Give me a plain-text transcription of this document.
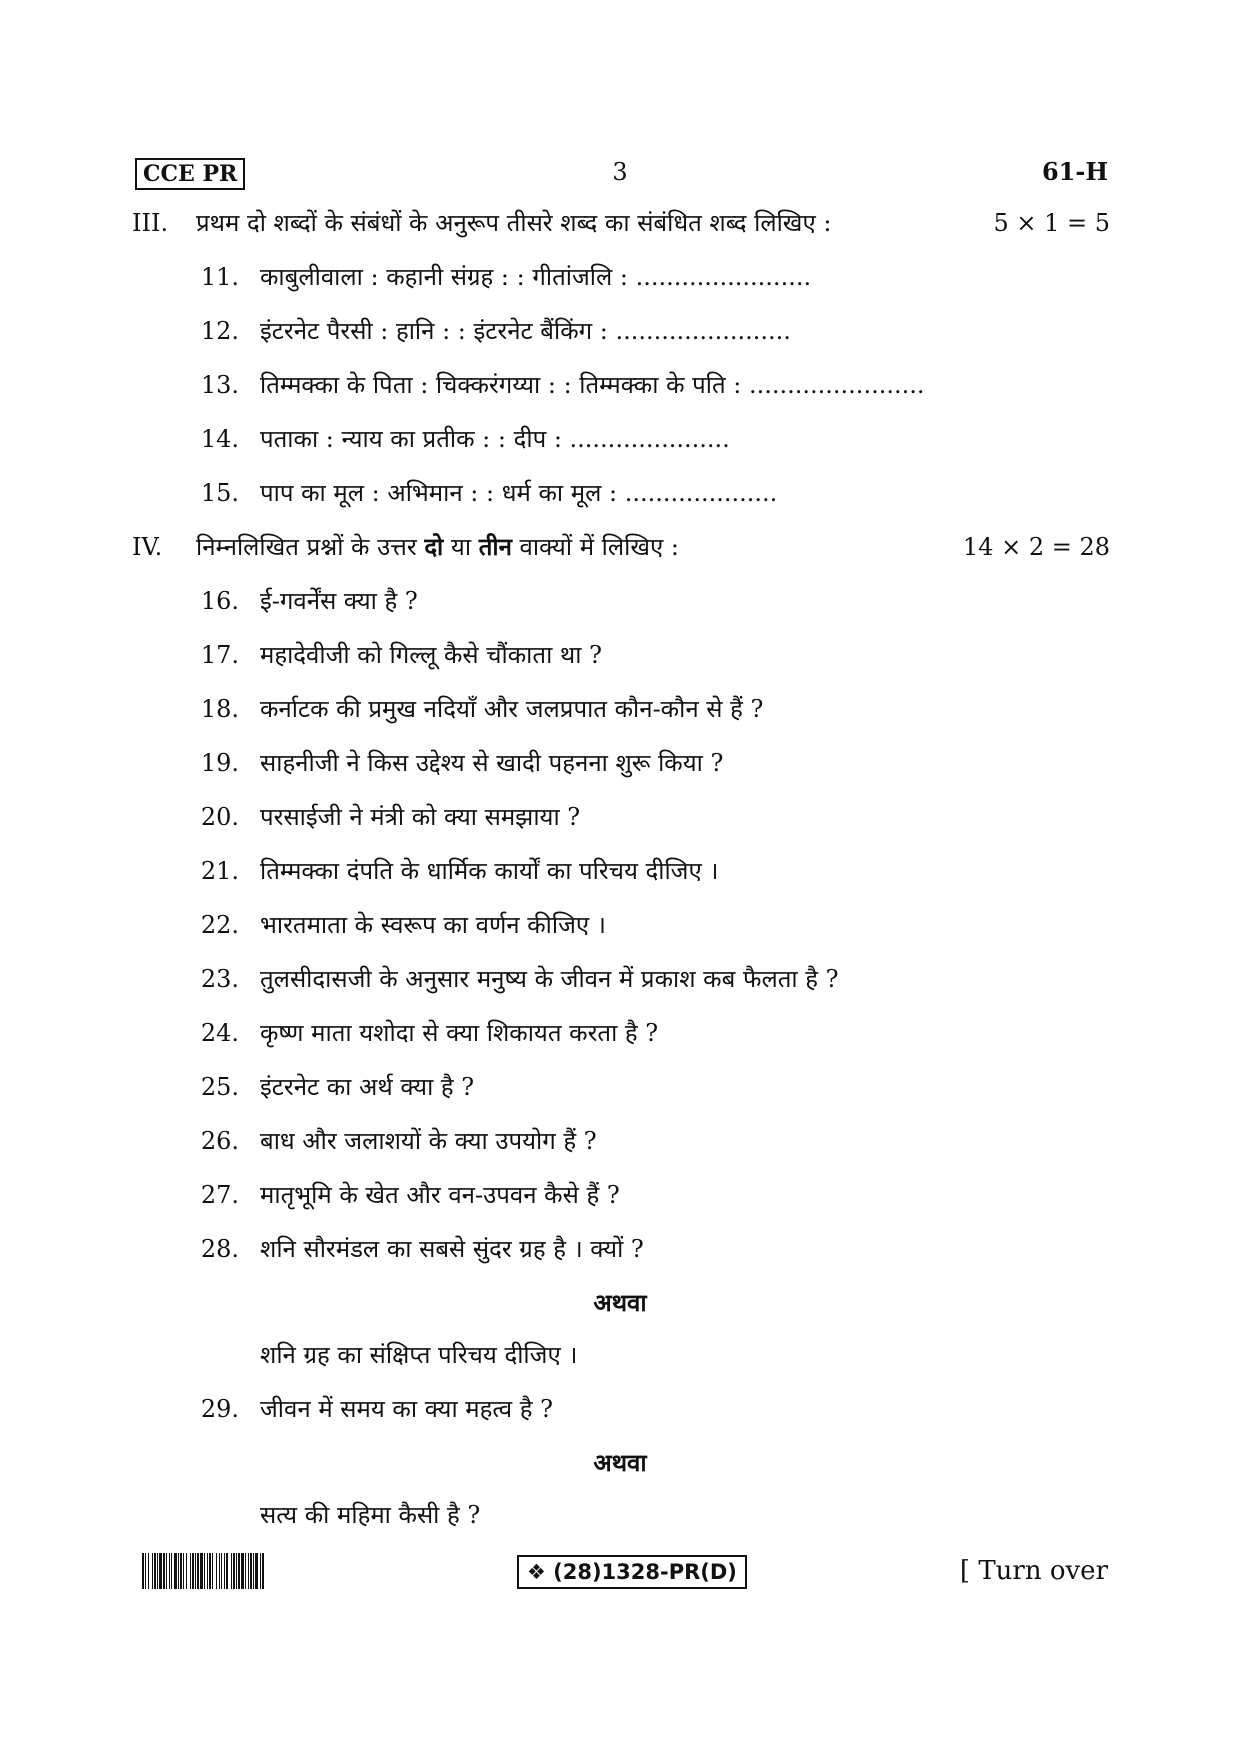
CCE PR	3	61-H
III. प्रथम दो शब्दों के संबंधों के अनुरूप तीसरे शब्द का संबंधित शब्द लिखिए :	5 × 1 = 5
11. काबुलीवाला : कहानी संग्रह : : गीतांजलि : .......................
12. इंटरनेट पैरसी : हानि : : इंटरनेट बैंकिंग : .......................
13. तिम्मक्का के पिता : चिक्करंगय्या : : तिम्मक्का के पति : .......................
14. पताका : न्याय का प्रतीक : : दीप : .....................
15. पाप का मूल : अभिमान : : धर्म का मूल : ....................
IV. निम्नलिखित प्रश्नों के उत्तर दो या तीन वाक्यों में लिखिए :	14 × 2 = 28
16. ई-गवर्नेंस क्या है ?
17. महादेवीजी को गिल्लू कैसे चौंकाता था ?
18. कर्नाटक की प्रमुख नदियाँ और जलप्रपात कौन-कौन से हैं ?
19. साहनीजी ने किस उद्देश्य से खादी पहनना शुरू किया ?
20. परसाईजी ने मंत्री को क्या समझाया ?
21. तिम्मक्का दंपति के धार्मिक कार्यों का परिचय दीजिए ।
22. भारतमाता के स्वरूप का वर्णन कीजिए ।
23. तुलसीदासजी के अनुसार मनुष्य के जीवन में प्रकाश कब फैलता है ?
24. कृष्ण माता यशोदा से क्या शिकायत करता है ?
25. इंटरनेट का अर्थ क्या है ?
26. बाध और जलाशयों के क्या उपयोग हैं ?
27. मातृभूमि के खेत और वन-उपवन कैसे हैं ?
28. शनि सौरमंडल का सबसे सुंदर ग्रह है । क्यों ?
अथवा
शनि ग्रह का संक्षिप्त परिचय दीजिए ।
29. जीवन में समय का क्या महत्व है ?
अथवा
सत्य की महिमा कैसी है ?
❖ (28)1328-PR(D)	[ Turn over
